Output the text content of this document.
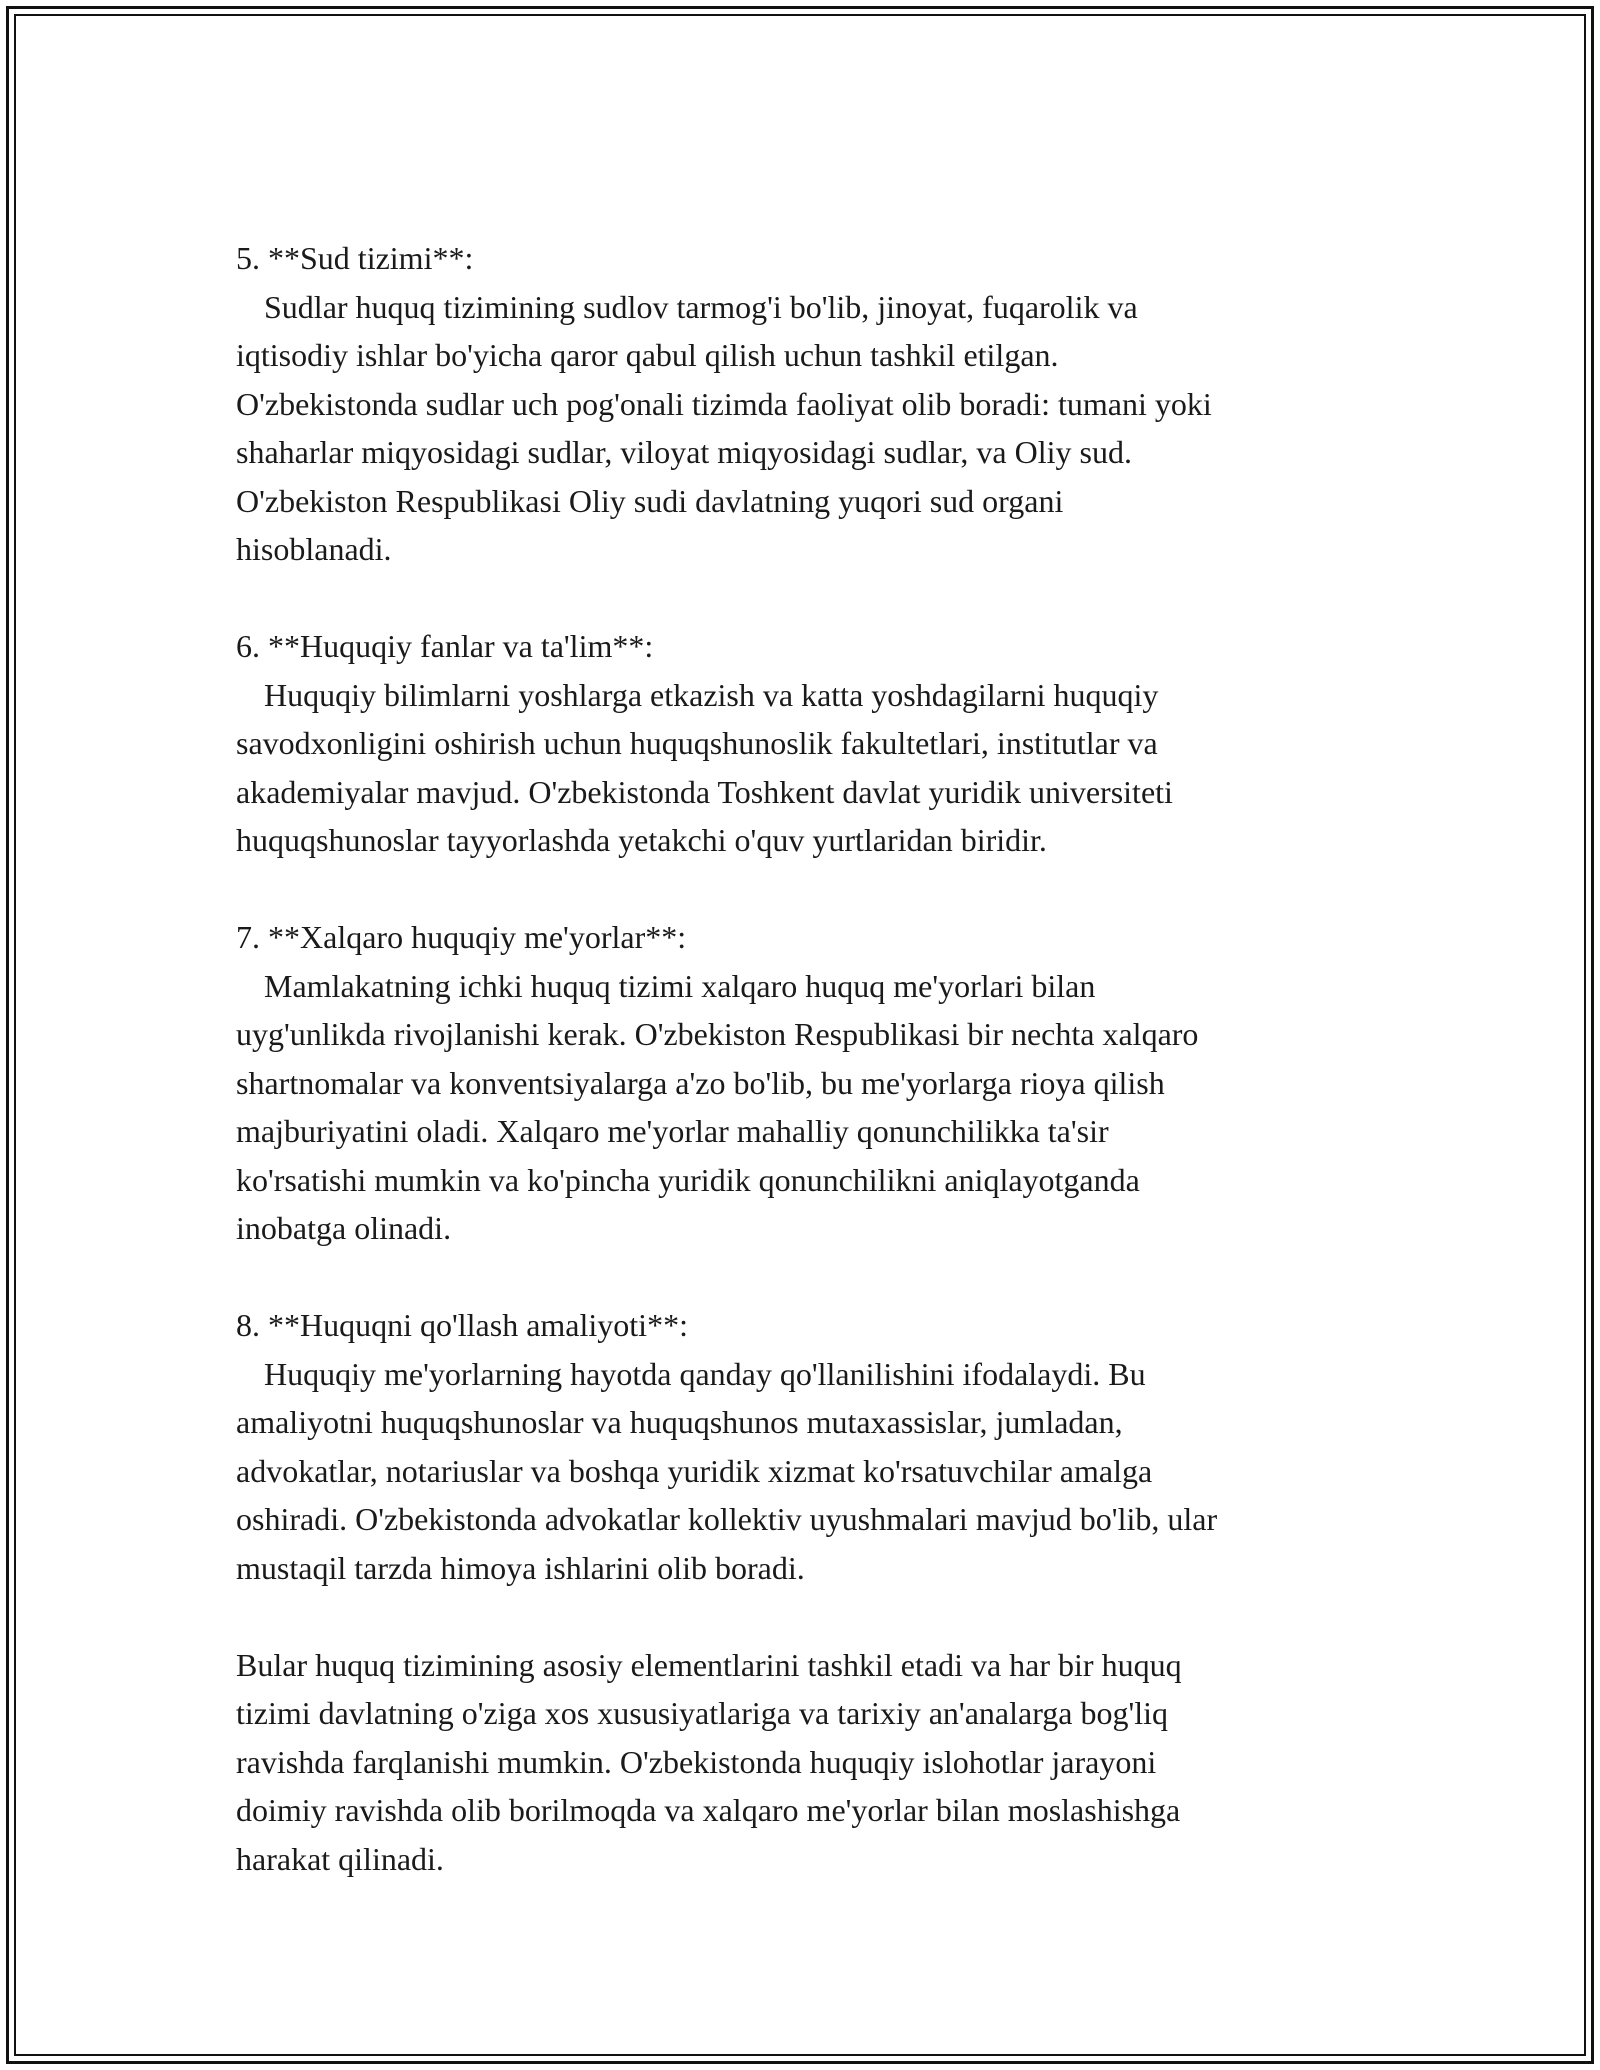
5. **Sud tizimi**:
Sudlar huquq tizimining sudlov tarmog'i bo'lib, jinoyat, fuqarolik va
iqtisodiy ishlar bo'yicha qaror qabul qilish uchun tashkil etilgan.
O'zbekistonda sudlar uch pog'onali tizimda faoliyat olib boradi: tumani yoki
shaharlar miqyosidagi sudlar, viloyat miqyosidagi sudlar, va Oliy sud.
O'zbekiston Respublikasi Oliy sudi davlatning yuqori sud organi
hisoblanadi.
6. **Huquqiy fanlar va ta'lim**:
Huquqiy bilimlarni yoshlarga etkazish va katta yoshdagilarni huquqiy
savodxonligini oshirish uchun huquqshunoslik fakultetlari, institutlar va
akademiyalar mavjud. O'zbekistonda Toshkent davlat yuridik universiteti
huquqshunoslar tayyorlashda yetakchi o'quv yurtlaridan biridir.
7. **Xalqaro huquqiy me'yorlar**:
Mamlakatning ichki huquq tizimi xalqaro huquq me'yorlari bilan
uyg'unlikda rivojlanishi kerak. O'zbekiston Respublikasi bir nechta xalqaro
shartnomalar va konventsiyalarga a'zo bo'lib, bu me'yorlarga rioya qilish
majburiyatini oladi. Xalqaro me'yorlar mahalliy qonunchilikka ta'sir
ko'rsatishi mumkin va ko'pincha yuridik qonunchilikni aniqlayotganda
inobatga olinadi.
8. **Huquqni qo'llash amaliyoti**:
Huquqiy me'yorlarning hayotda qanday qo'llanilishini ifodalaydi. Bu
amaliyotni huquqshunoslar va huquqshunos mutaxassislar, jumladan,
advokatlar, notariuslar va boshqa yuridik xizmat ko'rsatuvchilar amalga
oshiradi. O'zbekistonda advokatlar kollektiv uyushmalari mavjud bo'lib, ular
mustaqil tarzda himoya ishlarini olib boradi.
Bular huquq tizimining asosiy elementlarini tashkil etadi va har bir huquq
tizimi davlatning o'ziga xos xususiyatlariga va tarixiy an'analarga bog'liq
ravishda farqlanishi mumkin. O'zbekistonda huquqiy islohotlar jarayoni
doimiy ravishda olib borilmoqda va xalqaro me'yorlar bilan moslashishga
harakat qilinadi.
